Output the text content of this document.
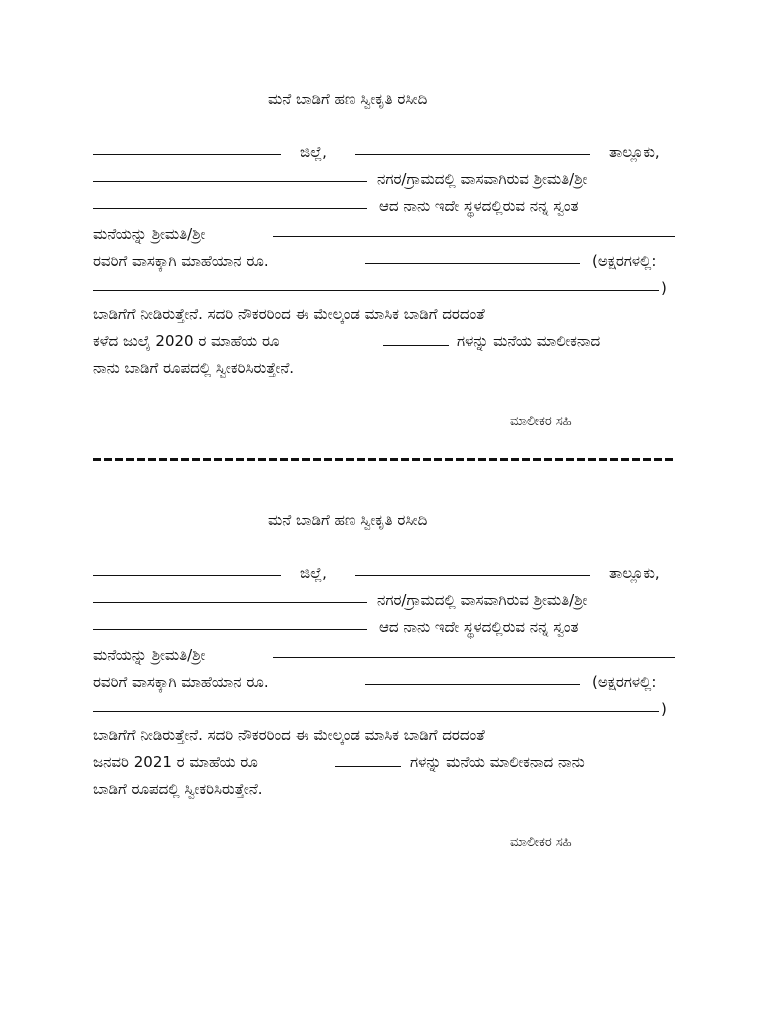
ಮನೆ ಬಾಡಿಗೆ ಹಣ ಸ್ವೀಕೃತಿ ರಸೀದಿ
ಜಿಲ್ಲೆ,	ತಾಲ್ಲೂಕು,
ನಗರ/ಗ್ರಾಮದಲ್ಲಿ ವಾಸವಾಗಿರುವ ಶ್ರೀಮತಿ/ಶ್ರೀ
ಆದ ನಾನು ಇದೇ ಸ್ಥಳದಲ್ಲಿರುವ ನನ್ನ ಸ್ವಂತ
ಮನೆಯನ್ನು ಶ್ರೀಮತಿ/ಶ್ರೀ
ರವರಿಗೆ ವಾಸಕ್ಕಾಗಿ ಮಾಹೆಯಾನ ರೂ.	(ಅಕ್ಷರಗಳಲ್ಲಿ:
)
ಬಾಡಿಗೆಗೆ ನೀಡಿರುತ್ತೇನೆ. ಸದರಿ ನೌಕರರಿಂದ ಈ ಮೇಲ್ಕಂಡ ಮಾಸಿಕ ಬಾಡಿಗೆ ದರದಂತೆ
ಕಳೆದ ಜುಲೈ 2020 ರ ಮಾಹೆಯ ರೂ	ಗಳನ್ನು ಮನೆಯ ಮಾಲೀಕನಾದ
ನಾನು ಬಾಡಿಗೆ ರೂಪದಲ್ಲಿ ಸ್ವೀಕರಿಸಿರುತ್ತೇನೆ.
ಮಾಲೀಕರ ಸಹಿ
ಮನೆ ಬಾಡಿಗೆ ಹಣ ಸ್ವೀಕೃತಿ ರಸೀದಿ
ಜಿಲ್ಲೆ,	ತಾಲ್ಲೂಕು,
ನಗರ/ಗ್ರಾಮದಲ್ಲಿ ವಾಸವಾಗಿರುವ ಶ್ರೀಮತಿ/ಶ್ರೀ
ಆದ ನಾನು ಇದೇ ಸ್ಥಳದಲ್ಲಿರುವ ನನ್ನ ಸ್ವಂತ
ಮನೆಯನ್ನು ಶ್ರೀಮತಿ/ಶ್ರೀ
ರವರಿಗೆ ವಾಸಕ್ಕಾಗಿ ಮಾಹೆಯಾನ ರೂ.	(ಅಕ್ಷರಗಳಲ್ಲಿ:
)
ಬಾಡಿಗೆಗೆ ನೀಡಿರುತ್ತೇನೆ. ಸದರಿ ನೌಕರರಿಂದ ಈ ಮೇಲ್ಕಂಡ ಮಾಸಿಕ ಬಾಡಿಗೆ ದರದಂತೆ
ಜನವರಿ 2021 ರ ಮಾಹೆಯ ರೂ	ಗಳನ್ನು ಮನೆಯ ಮಾಲೀಕನಾದ ನಾನು
ಬಾಡಿಗೆ ರೂಪದಲ್ಲಿ ಸ್ವೀಕರಿಸಿರುತ್ತೇನೆ.
ಮಾಲೀಕರ ಸಹಿ
